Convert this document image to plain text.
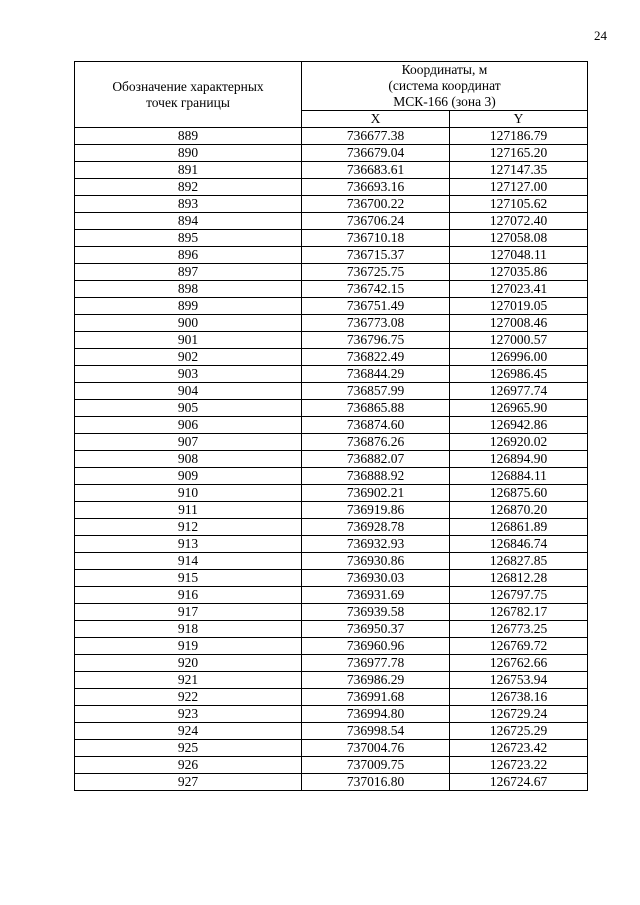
24
Обозначение характерных
точек границы	Координаты, м
(система координат
МСК-166 (зона 3)	

	X	Y
889	736677.38	127186.79
890	736679.04	127165.20
891	736683.61	127147.35
892	736693.16	127127.00
893	736700.22	127105.62
894	736706.24	127072.40
895	736710.18	127058.08
896	736715.37	127048.11
897	736725.75	127035.86
898	736742.15	127023.41
899	736751.49	127019.05
900	736773.08	127008.46
901	736796.75	127000.57
902	736822.49	126996.00
903	736844.29	126986.45
904	736857.99	126977.74
905	736865.88	126965.90
906	736874.60	126942.86
907	736876.26	126920.02
908	736882.07	126894.90
909	736888.92	126884.11
910	736902.21	126875.60
911	736919.86	126870.20
912	736928.78	126861.89
913	736932.93	126846.74
914	736930.86	126827.85
915	736930.03	126812.28
916	736931.69	126797.75
917	736939.58	126782.17
918	736950.37	126773.25
919	736960.96	126769.72
920	736977.78	126762.66
921	736986.29	126753.94
922	736991.68	126738.16
923	736994.80	126729.24
924	736998.54	126725.29
925	737004.76	126723.42
926	737009.75	126723.22
927	737016.80	126724.67
